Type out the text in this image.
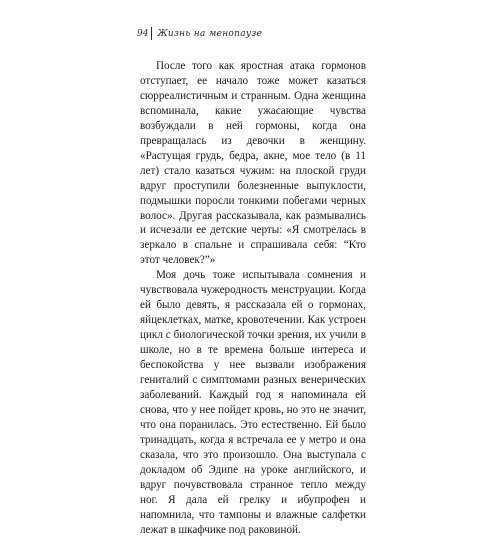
94 Жизнь на менопаузе

После того как яростная атака гормонов отступает, ее начало тоже может казаться сюрреалистичным и странным. Одна женщина вспоминала, какие ужасающие чувства возбуждали в ней гормоны, когда она превращалась из девочки в женщину. «Растущая грудь, бедра, акне, мое тело (в 11 лет) стало казаться чужим: на плоской груди вдруг проступили болезненные выпуклости, подмышки поросли тонкими побегами черных волос». Другая рассказывала, как размывались и исчезали ее детские черты: «Я смотрелась в зеркало в спальне и спрашивала себя: “Кто этот человек?”»

Моя дочь тоже испытывала сомнения и чувствовала чужеродность менструации. Когда ей было девять, я рассказала ей о гормонах, яйцеклетках, матке, кровотечении. Как устроен цикл с биологической точки зрения, их учили в школе, но в те времена больше интереса и беспокойства у нее вызвали изображения гениталий с симптомами разных венерических заболеваний. Каждый год я напоминала ей снова, что у нее пойдет кровь, но это не значит, что она поранилась. Это естественно. Ей было тринадцать, когда я встречала ее у метро и она сказала, что это произошло. Она выступала с докладом об Эдипе на уроке английского, и вдруг почувствовала странное тепло между ног. Я дала ей грелку и ибупрофен и напомнила, что тампоны и влажные салфетки лежат в шкафчике под раковиной.
